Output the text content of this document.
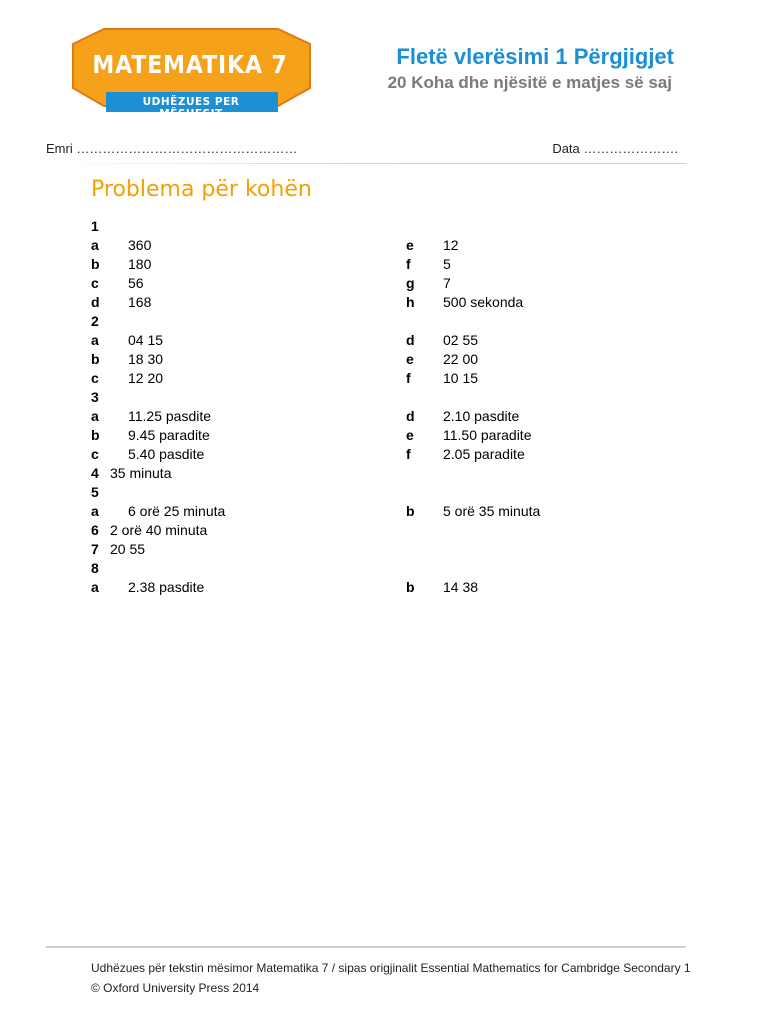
MATEMATIKA 7
UDHËZUES PER MËSUESIT
Fletë vlerësimi 1 Përgjigjet
20 Koha dhe njësitë e matjes së saj
Emri ……………………………………………	Data ………………….
Problema për kohën
1
a 360	e 12
b 180	f 5
c 56	g 7
d 168	h 500 sekonda
2
a 04 15	d 02 55
b 18 30	e 22 00
c 12 20	f 10 15
3
a 11.25 pasdite	d 2.10 pasdite
b 9.45 paradite	e 11.50 paradite
c 5.40 pasdite	f 2.05 paradite
4 35 minuta
5
a 6 orë 25 minuta	b 5 orë 35 minuta
6 2 orë 40 minuta
7 20 55
8
a 2.38 pasdite	b 14 38
Udhëzues për tekstin mësimor Matematika 7 / sipas origjinalit Essential Mathematics for Cambridge Secondary 1
© Oxford University Press 2014
